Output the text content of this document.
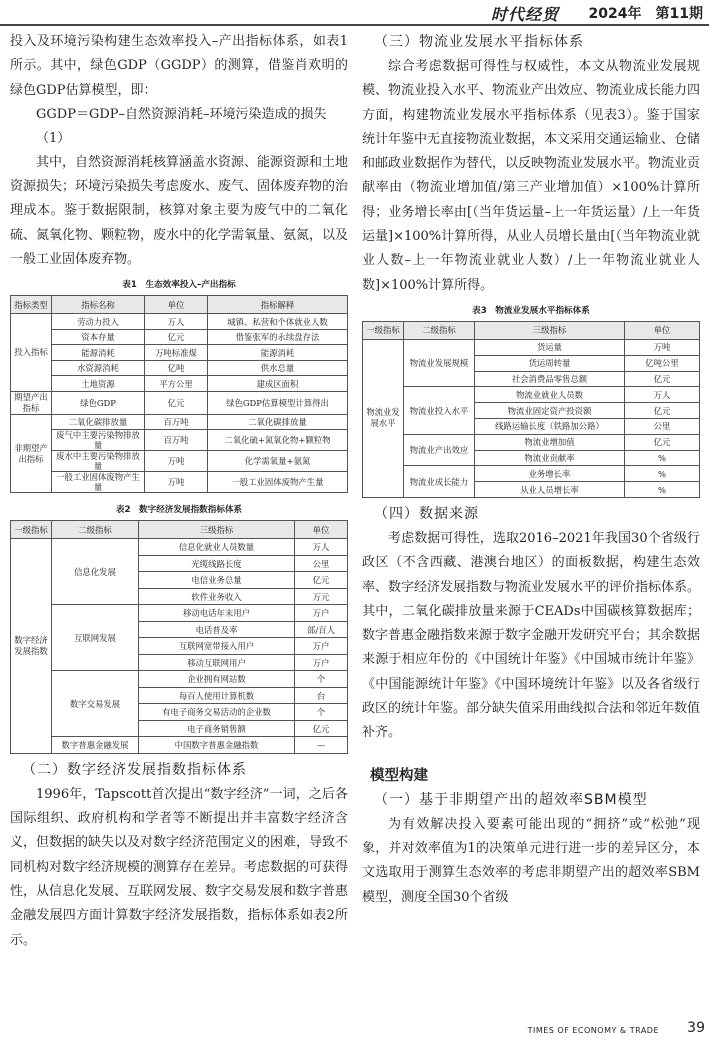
时代经贸 2024年　第11期

投入及环境污染构建生态效率投入–产出指标体系，如表1所示。其中，绿色GDP（GGDP）的测算，借鉴肖欢明的绿色GDP估算模型，即：

GGDP＝GDP–自然资源消耗–环境污染造成的损失（1）

其中，自然资源消耗核算涵盖水资源、能源资源和土地资源损失；环境污染损失考虑废水、废气、固体废弃物的治理成本。鉴于数据限制，核算对象主要为废气中的二氧化硫、氮氧化物、颗粒物，废水中的化学需氧量、氨氮，以及一般工业固体废弃物。

表1　生态效率投入–产出指标
指标类型	指标名称	单位	指标解释
投入指标	劳动力投入	万人	城镇、私营和个体就业人数
	资本存量	亿元	借鉴张军的永续盘存法
	能源消耗	万吨标准煤	能源消耗
	水资源消耗	亿吨	供水总量
	土地资源	平方公里	建成区面积
期望产出指标	绿色GDP	亿元	绿色GDP估算模型计算得出
非期望产出指标	二氧化碳排放量	百万吨	二氧化碳排放量
	废气中主要污染物排放量	百万吨	二氧化硫+氮氧化物+颗粒物
	废水中主要污染物排放量	万吨	化学需氧量+氨氮
	一般工业固体废物产生量	万吨	一般工业固体废物产生量
表2　数字经济发展指数指标体系
一级指标	二级指标	三级指标	单位
数字经济发展指数	信息化发展	信息化就业人员数量	万人
		光缆线路长度	公里
		电信业务总量	亿元
		软件业务收入	万元
	互联网发展	移动电话年末用户	万户
		电话普及率	部/百人
		互联网宽带接入用户	万户
		移动互联网用户	万户
	数字交易发展	企业拥有网站数	个
		每百人使用计算机数	台
		有电子商务交易活动的企业数	个
		电子商务销售额	亿元
	数字普惠金融发展	中国数字普惠金融指数	—
（二）数字经济发展指数指标体系

1996年，Tapscott首次提出“数字经济”一词，之后各国际组织、政府机构和学者等不断提出并丰富数字经济含义，但数据的缺失以及对数字经济范围定义的困难，导致不同机构对数字经济规模的测算存在差异。考虑数据的可获得性，从信息化发展、互联网发展、数字交易发展和数字普惠金融发展四方面计算数字经济发展指数，指标体系如表2所示。

（三）物流业发展水平指标体系

综合考虑数据可得性与权威性，本文从物流业发展规模、物流业投入水平、物流业产出效应、物流业成长能力四方面，构建物流业发展水平指标体系（见表3）。鉴于国家统计年鉴中无直接物流业数据，本文采用交通运输业、仓储和邮政业数据作为替代，以反映物流业发展水平。物流业贡献率由（物流业增加值/第三产业增加值）×100%计算所得；业务增长率由[（当年货运量–上一年货运量）/上一年货运量]×100%计算所得，从业人员增长量由[（当年物流业就业人数–上一年物流业就业人数）/上一年物流业就业人数]×100%计算所得。

表3　物流业发展水平指标体系
一级指标	二级指标	三级指标	单位
物流业发展水平	物流业发展规模	货运量	万吨
		货运周转量	亿吨公里
		社会消费品零售总额	亿元
	物流业投入水平	物流业就业人员数	万人
		物流业固定资产投资额	亿元
		线路运输长度（铁路加公路）	公里
	物流业产出效应	物流业增加值	亿元
		物流业贡献率	%
	物流业成长能力	业务增长率	%
		从业人员增长率	%
（四）数据来源

考虑数据可得性，选取2016–2021年我国30个省级行政区（不含西藏、港澳台地区）的面板数据，构建生态效率、数字经济发展指数与物流业发展水平的评价指标体系。其中，二氧化碳排放量来源于CEADs中国碳核算数据库；数字普惠金融指数来源于数字金融开发研究平台；其余数据来源于相应年份的《中国统计年鉴》《中国城市统计年鉴》《中国能源统计年鉴》《中国环境统计年鉴》以及各省级行政区的统计年鉴。部分缺失值采用曲线拟合法和邻近年数值补齐。

模型构建
（一）基于非期望产出的超效率SBM模型

为有效解决投入要素可能出现的“拥挤”或“松弛”现象，并对效率值为1的决策单元进行进一步的差异区分，本文选取用于测算生态效率的考虑非期望产出的超效率SBM模型，测度全国30个省级

TIMES OF ECONOMY & TRADE 39
